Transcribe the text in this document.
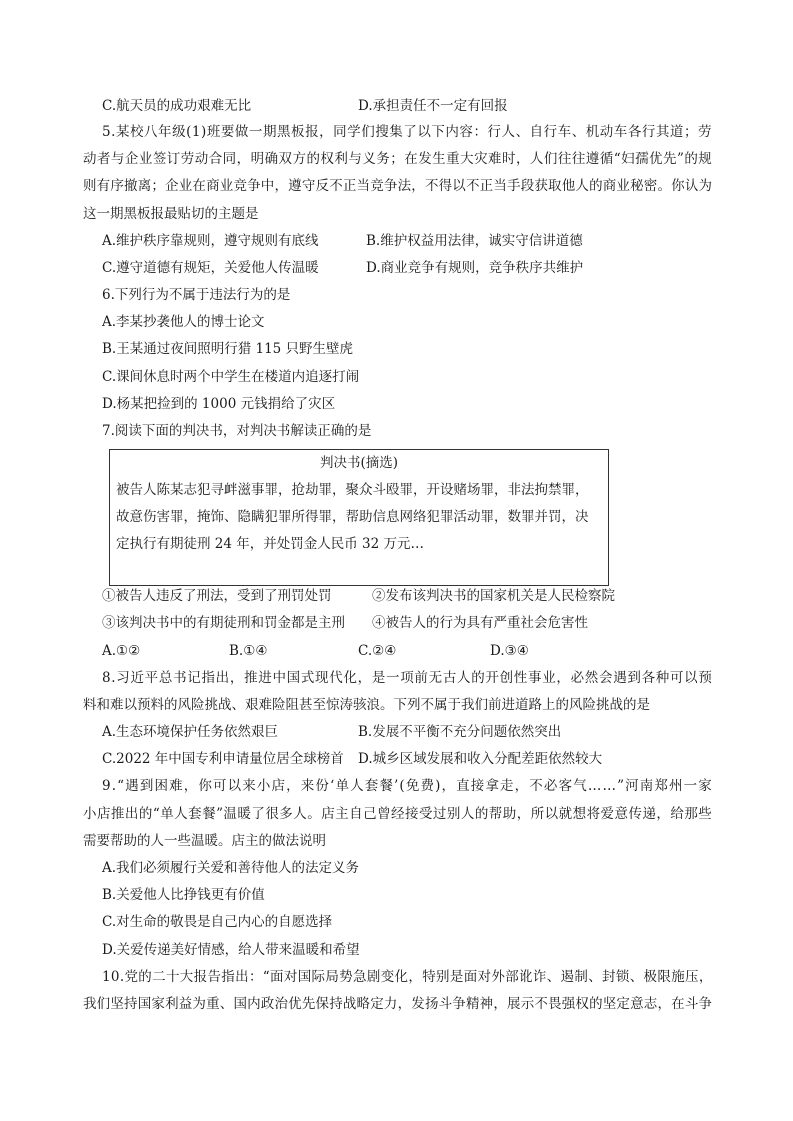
C.航天员的成功艰难无比	D.承担责任不一定有回报
5.某校八年级(1)班要做一期黑板报，同学们搜集了以下内容：行人、自行车、机动车各行其道；劳
动者与企业签订劳动合同，明确双方的权利与义务；在发生重大灾难时，人们往往遵循“妇孺优先”的规
则有序撤离；企业在商业竞争中，遵守反不正当竞争法，不得以不正当手段获取他人的商业秘密。你认为
这一期黑板报最贴切的主题是
A.维护秩序靠规则，遵守规则有底线	B.维护权益用法律，诚实守信讲道德
C.遵守道德有规矩，关爱他人传温暖	D.商业竞争有规则，竞争秩序共维护
6.下列行为不属于违法行为的是
A.李某抄袭他人的博士论文
B.王某通过夜间照明行猎 115 只野生壁虎
C.课间休息时两个中学生在楼道内追逐打闹
D.杨某把捡到的 1000 元钱捐给了灾区
7.阅读下面的判决书，对判决书解读正确的是
判决书(摘选)
被告人陈某志犯寻衅滋事罪，抢劫罪，聚众斗殴罪，开设赌场罪，非法拘禁罪，
故意伤害罪，掩饰、隐瞒犯罪所得罪，帮助信息网络犯罪活动罪，数罪并罚，决
定执行有期徒刑 24 年，并处罚金人民币 32 万元…
①被告人违反了刑法，受到了刑罚处罚	②发布该判决书的国家机关是人民检察院
③该判决书中的有期徒刑和罚金都是主刑	④被告人的行为具有严重社会危害性
A.①②	B.①④	C.②④	D.③④
8.习近平总书记指出，推进中国式现代化，是一项前无古人的开创性事业，必然会遇到各种可以预
料和难以预料的风险挑战、艰难险阻甚至惊涛骇浪。下列不属于我们前进道路上的风险挑战的是
A.生态环境保护任务依然艰巨	B.发展不平衡不充分问题依然突出
C.2022 年中国专利申请量位居全球榜首	D.城乡区域发展和收入分配差距依然较大
9.“遇到困难，你可以来小店，来份‘单人套餐’(免费)，直接拿走，不必客气……”河南郑州一家
小店推出的“单人套餐”温暖了很多人。店主自己曾经接受过别人的帮助，所以就想将爱意传递，给那些
需要帮助的人一些温暖。店主的做法说明
A.我们必须履行关爱和善待他人的法定义务
B.关爱他人比挣钱更有价值
C.对生命的敬畏是自己内心的自愿选择
D.关爱传递美好情感，给人带来温暖和希望
10.党的二十大报告指出：“面对国际局势急剧变化，特别是面对外部讹诈、遏制、封锁、极限施压，
我们坚持国家利益为重、国内政治优先保持战略定力，发扬斗争精神，展示不畏强权的坚定意志，在斗争
